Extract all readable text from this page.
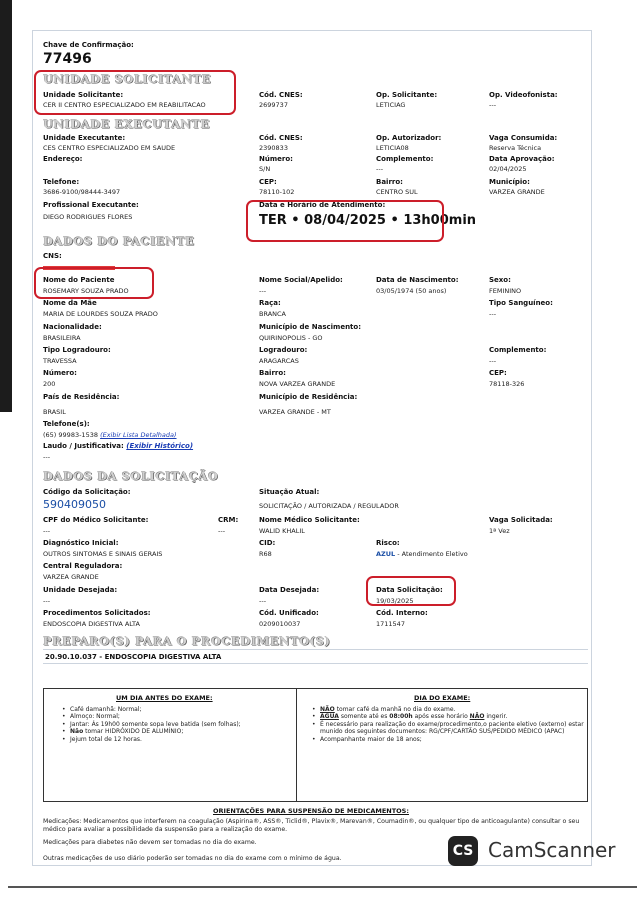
Chave de Confirmação:
77496
UNIDADE SOLICITANTE
Unidade Solicitante:
CER II CENTRO ESPECIALIZADO EM REABILITACAO
Cód. CNES:
2699737
Op. Solicitante:
LETICIAG
Op. Videofonista:
---
UNIDADE EXECUTANTE
Unidade Executante:
CES CENTRO ESPECIALIZADO EM SAUDE
Cód. CNES:
2390833
Op. Autorizador:
LETICIA08
Vaga Consumida:
Reserva Técnica
Endereço:	Número:
S/N
Complemento:
---
Data Aprovação:
02/04/2025
Telefone:
3686-9100/98444-3497
CEP:
78110-102
Bairro:
CENTRO SUL
Município:
VARZEA GRANDE
Profissional Executante:
DIEGO RODRIGUES FLORES
Data e Horário de Atendimento:
TER • 08/04/2025 • 13h00min
DADOS DO PACIENTE
CNS:
Nome do Paciente
ROSEMARY SOUZA PRADO
Nome Social/Apelido:
---
Data de Nascimento:
03/05/1974 (50 anos)
Sexo:
FEMININO
Nome da Mãe
MARIA DE LOURDES SOUZA PRADO
Raça:
BRANCA
Tipo Sanguíneo:
---
Nacionalidade:
BRASILEIRA
Município de Nascimento:
QUIRINOPOLIS - GO
Tipo Logradouro:
TRAVESSA
Logradouro:
ARAGARCAS
Complemento:
---
Número:
200
Bairro:
NOVA VARZEA GRANDE
CEP:
78118-326
País de Residência:
BRASIL
Município de Residência:
VARZEA GRANDE - MT
Telefone(s):
(65) 99983-1538 (Exibir Lista Detalhada)
Laudo / Justificativa: (Exibir Histórico)
---
DADOS DA SOLICITAÇÃO
Código da Solicitação:
590409050
Situação Atual:
SOLICITAÇÃO / AUTORIZADA / REGULADOR
CPF do Médico Solicitante:
---
CRM:
---
Nome Médico Solicitante:
WALID KHALIL
Vaga Solicitada:
1ª Vez
Diagnóstico Inicial:
OUTROS SINTOMAS E SINAIS GERAIS
CID:
R68
Risco:
AZUL - Atendimento Eletivo
Central Reguladora:
VARZEA GRANDE
Unidade Desejada:
---
Data Desejada:
---
Data Solicitação:
19/03/2025
Procedimentos Solicitados:
ENDOSCOPIA DIGESTIVA ALTA
Cód. Unificado:
0209010037
Cód. Interno:
1711547
PREPARO(S) PARA O PROCEDIMENTO(S)
20.90.10.037 - ENDOSCOPIA DIGESTIVA ALTA
UM DIA ANTES DO EXAME:
• Café damanhã: Normal;
• Almoço: Normal;
• Jantar: Ás 19h00 somente sopa leve batida (sem folhas);
• Não tomar HIDRÓXIDO DE ALUMÍNIO;
• Jejum total de 12 horas.
DIA DO EXAME:
• NÃO tomar café da manhã no dia do exame.
• ÁGUA somente até es 08:00h após esse horário NÃO ingerir.
• É necessário para realização do exame/procedimento,o paciente eletivo (externo) estar munido dos seguintes documentos: RG/CPF/CARTÃO SUS/PEDIDO MÉDICO (APAC)
• Acompanhante maior de 18 anos;
ORIENTAÇÕES PARA SUSPENSÃO DE MEDICAMENTOS:
Medicações: Medicamentos que interferem na coagulação (Aspirina®, ASS®, Ticlid®, Plavix®, Marevan®, Coumadin®, ou qualquer tipo de anticoagulante) consultar o seu médico para avaliar a possibilidade da suspensão para a realização do exame.
Medicações para diabetes não devem ser tomadas no dia do exame.
Outras medicações de uso diário poderão ser tomadas no dia do exame com o mínimo de água.	CS CamScanner
